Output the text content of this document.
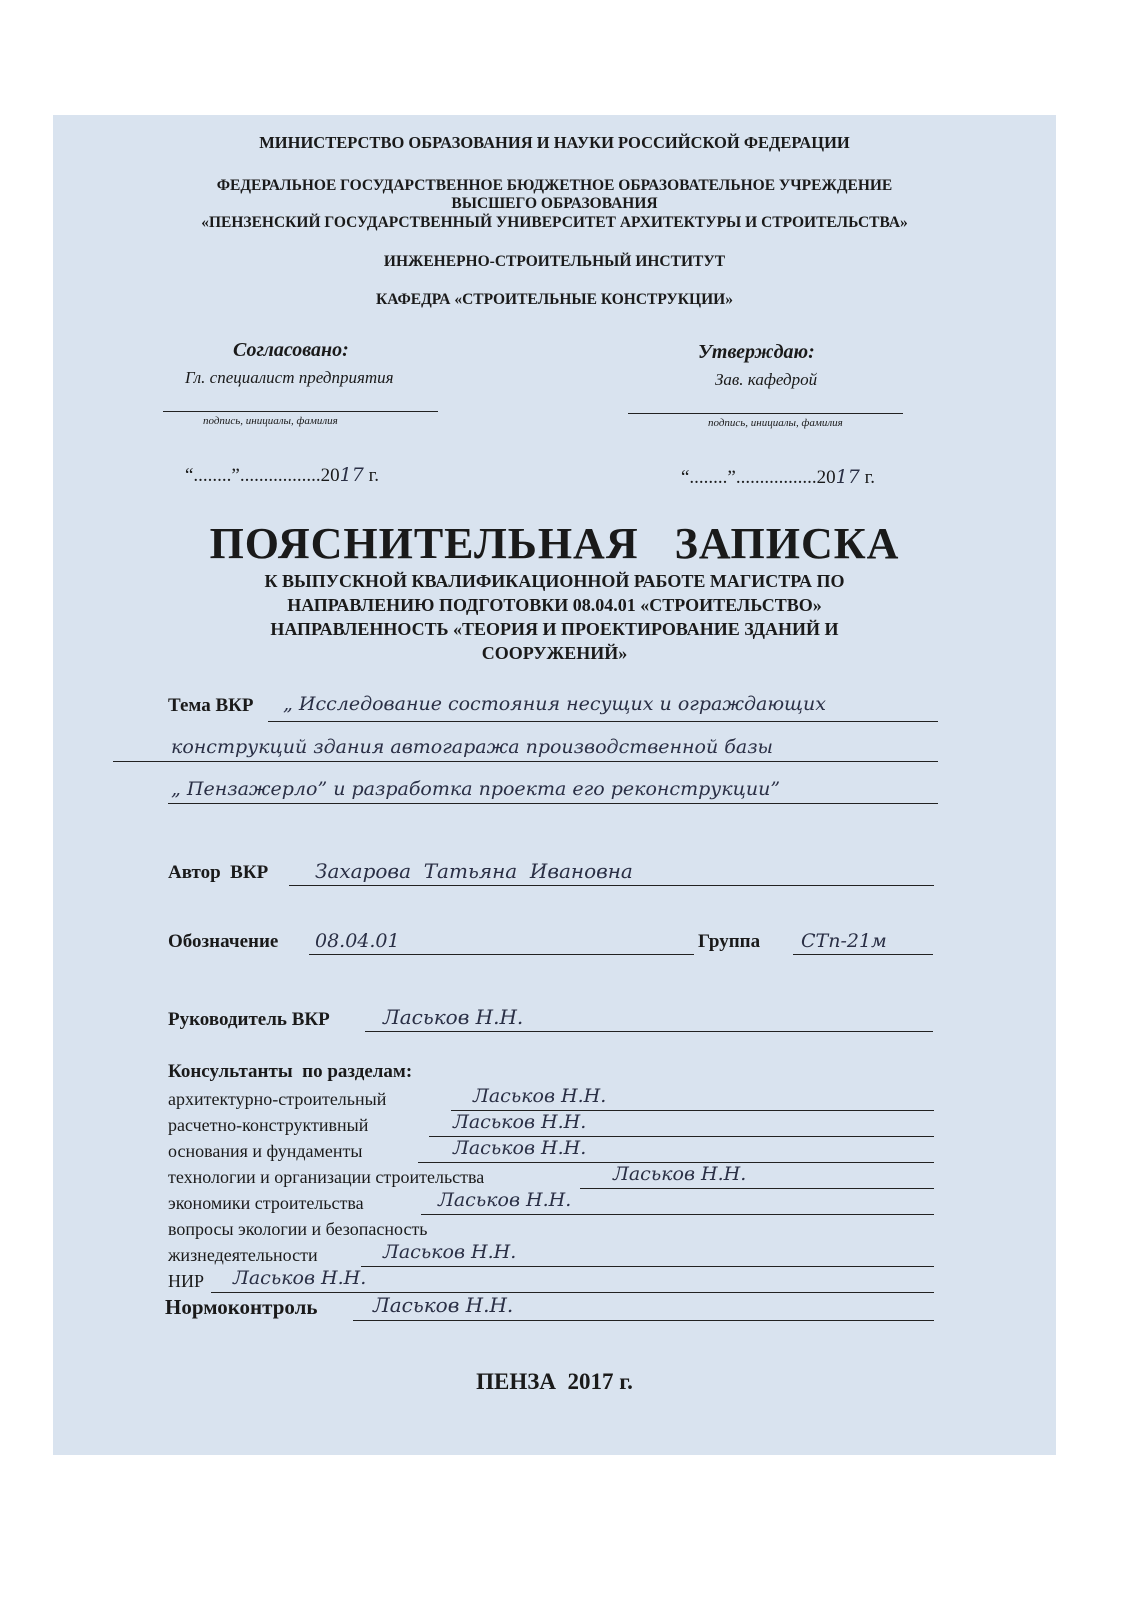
МИНИСТЕРСТВО ОБРАЗОВАНИЯ И НАУКИ РОССИЙСКОЙ ФЕДЕРАЦИИ
ФЕДЕРАЛЬНОЕ ГОСУДАРСТВЕННОЕ БЮДЖЕТНОЕ ОБРАЗОВАТЕЛЬНОЕ УЧРЕЖДЕНИЕ
ВЫСШЕГО ОБРАЗОВАНИЯ
«ПЕНЗЕНСКИЙ ГОСУДАРСТВЕННЫЙ УНИВЕРСИТЕТ АРХИТЕКТУРЫ И СТРОИТЕЛЬСТВА»
ИНЖЕНЕРНО-СТРОИТЕЛЬНЫЙ ИНСТИТУТ
КАФЕДРА «СТРОИТЕЛЬНЫЕ КОНСТРУКЦИИ»
Согласовано:
Гл. специалист предприятия
подпись, инициалы, фамилия
“........”.................2017 г.
Утверждаю:
Зав. кафедрой
подпись, инициалы, фамилия
“........”.................2017 г.
ПОЯСНИТЕЛЬНАЯ   ЗАПИСКА
К ВЫПУСКНОЙ КВАЛИФИКАЦИОННОЙ РАБОТЕ МАГИСТРА ПО
НАПРАВЛЕНИЮ ПОДГОТОВКИ 08.04.01 «СТРОИТЕЛЬСТВО»
НАПРАВЛЕННОСТЬ «ТЕОРИЯ И ПРОЕКТИРОВАНИЕ ЗДАНИЙ И
СООРУЖЕНИЙ»
Тема ВКР „ Исследование состояния несущих и ограждающих
конструкций здания автогаража производственной базы
„ Пензажерло” и разработка проекта его реконструкции”
Автор  ВКР Захарова  Татьяна  Ивановна
Обозначение 08.04.01	Группа СТп-21м
Руководитель ВКР	Ласьков Н.Н.
Консультанты  по разделам:
архитектурно-строительный	Ласьков Н.Н.
расчетно-конструктивный	Ласьков Н.Н.
основания и фундаменты	Ласьков Н.Н.
технологии и организации строительства	Ласьков Н.Н.
экономики строительства	Ласьков Н.Н.
вопросы экологии и безопасность
жизнедеятельности	Ласьков Н.Н.
НИР Ласьков Н.Н.
Нормоконтроль	Ласьков Н.Н.
ПЕНЗА  2017 г.
